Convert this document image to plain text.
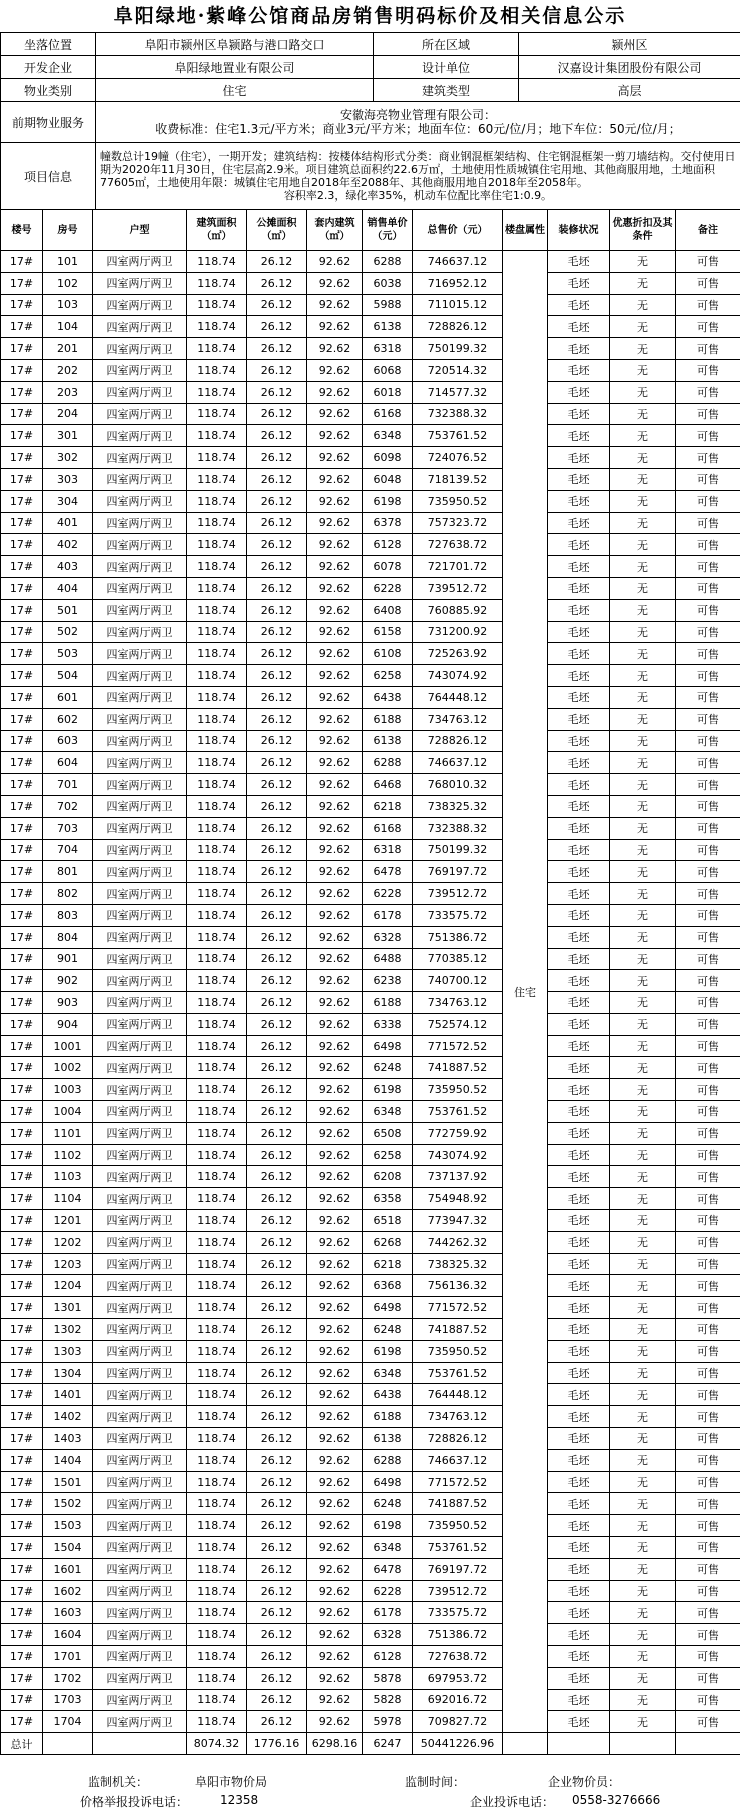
阜阳绿地·紫峰公馆商品房销售明码标价及相关信息公示
坐落位置	阜阳市颍州区阜颍路与港口路交口	所在区域	颍州区
开发企业	阜阳绿地置业有限公司	设计单位	汉嘉设计集团股份有限公司
物业类别	住宅	建筑类型	高层
前期物业服务	安徽海亮物业管理有限公司：
收费标准：住宅1.3元/平方米；商业3元/平方米；地面车位：60元/位/月；地下车位：50元/位/月；		

项目信息	幢数总计19幢（住宅），一期开发；建筑结构：按楼体结构形式分类：商业钢混框架结构、住宅钢混框架一剪刀墙结构。交付使用日期为2020年11月30日，住宅层高2.9米。项目建筑总面积约22.6万㎡，土地使用性质城镇住宅用地、其他商服用地，土地面积77605㎡，土地使用年限：城镇住宅用地自2018年至2088年、其他商服用地自2018年至2058年。
容积率2.3，绿化率35%，机动车位配比率住宅1:0.9。		
楼号	房号	户型	建筑面积（㎡）	公摊面积（㎡）	套内建筑（㎡）	销售单价（元）	总售价（元）	楼盘属性	装修状况	优惠折扣及其条件	备注
17#	101	四室两厅两卫	118.74	26.12	92.62	6288	746637.12	住宅	毛坯	无	可售
17#	102	四室两厅两卫	118.74	26.12	92.62	6038	716952.12		毛坯	无	可售
17#	103	四室两厅两卫	118.74	26.12	92.62	5988	711015.12		毛坯	无	可售
17#	104	四室两厅两卫	118.74	26.12	92.62	6138	728826.12		毛坯	无	可售
17#	201	四室两厅两卫	118.74	26.12	92.62	6318	750199.32		毛坯	无	可售
17#	202	四室两厅两卫	118.74	26.12	92.62	6068	720514.32		毛坯	无	可售
17#	203	四室两厅两卫	118.74	26.12	92.62	6018	714577.32		毛坯	无	可售
17#	204	四室两厅两卫	118.74	26.12	92.62	6168	732388.32		毛坯	无	可售
17#	301	四室两厅两卫	118.74	26.12	92.62	6348	753761.52		毛坯	无	可售
17#	302	四室两厅两卫	118.74	26.12	92.62	6098	724076.52		毛坯	无	可售
17#	303	四室两厅两卫	118.74	26.12	92.62	6048	718139.52		毛坯	无	可售
17#	304	四室两厅两卫	118.74	26.12	92.62	6198	735950.52		毛坯	无	可售
17#	401	四室两厅两卫	118.74	26.12	92.62	6378	757323.72		毛坯	无	可售
17#	402	四室两厅两卫	118.74	26.12	92.62	6128	727638.72		毛坯	无	可售
17#	403	四室两厅两卫	118.74	26.12	92.62	6078	721701.72		毛坯	无	可售
17#	404	四室两厅两卫	118.74	26.12	92.62	6228	739512.72		毛坯	无	可售
17#	501	四室两厅两卫	118.74	26.12	92.62	6408	760885.92		毛坯	无	可售
17#	502	四室两厅两卫	118.74	26.12	92.62	6158	731200.92		毛坯	无	可售
17#	503	四室两厅两卫	118.74	26.12	92.62	6108	725263.92		毛坯	无	可售
17#	504	四室两厅两卫	118.74	26.12	92.62	6258	743074.92		毛坯	无	可售
17#	601	四室两厅两卫	118.74	26.12	92.62	6438	764448.12		毛坯	无	可售
17#	602	四室两厅两卫	118.74	26.12	92.62	6188	734763.12		毛坯	无	可售
17#	603	四室两厅两卫	118.74	26.12	92.62	6138	728826.12		毛坯	无	可售
17#	604	四室两厅两卫	118.74	26.12	92.62	6288	746637.12		毛坯	无	可售
17#	701	四室两厅两卫	118.74	26.12	92.62	6468	768010.32		毛坯	无	可售
17#	702	四室两厅两卫	118.74	26.12	92.62	6218	738325.32		毛坯	无	可售
17#	703	四室两厅两卫	118.74	26.12	92.62	6168	732388.32		毛坯	无	可售
17#	704	四室两厅两卫	118.74	26.12	92.62	6318	750199.32		毛坯	无	可售
17#	801	四室两厅两卫	118.74	26.12	92.62	6478	769197.72		毛坯	无	可售
17#	802	四室两厅两卫	118.74	26.12	92.62	6228	739512.72		毛坯	无	可售
17#	803	四室两厅两卫	118.74	26.12	92.62	6178	733575.72		毛坯	无	可售
17#	804	四室两厅两卫	118.74	26.12	92.62	6328	751386.72		毛坯	无	可售
17#	901	四室两厅两卫	118.74	26.12	92.62	6488	770385.12		毛坯	无	可售
17#	902	四室两厅两卫	118.74	26.12	92.62	6238	740700.12		毛坯	无	可售
17#	903	四室两厅两卫	118.74	26.12	92.62	6188	734763.12		毛坯	无	可售
17#	904	四室两厅两卫	118.74	26.12	92.62	6338	752574.12		毛坯	无	可售
17#	1001	四室两厅两卫	118.74	26.12	92.62	6498	771572.52		毛坯	无	可售
17#	1002	四室两厅两卫	118.74	26.12	92.62	6248	741887.52		毛坯	无	可售
17#	1003	四室两厅两卫	118.74	26.12	92.62	6198	735950.52		毛坯	无	可售
17#	1004	四室两厅两卫	118.74	26.12	92.62	6348	753761.52		毛坯	无	可售
17#	1101	四室两厅两卫	118.74	26.12	92.62	6508	772759.92		毛坯	无	可售
17#	1102	四室两厅两卫	118.74	26.12	92.62	6258	743074.92		毛坯	无	可售
17#	1103	四室两厅两卫	118.74	26.12	92.62	6208	737137.92		毛坯	无	可售
17#	1104	四室两厅两卫	118.74	26.12	92.62	6358	754948.92		毛坯	无	可售
17#	1201	四室两厅两卫	118.74	26.12	92.62	6518	773947.32		毛坯	无	可售
17#	1202	四室两厅两卫	118.74	26.12	92.62	6268	744262.32		毛坯	无	可售
17#	1203	四室两厅两卫	118.74	26.12	92.62	6218	738325.32		毛坯	无	可售
17#	1204	四室两厅两卫	118.74	26.12	92.62	6368	756136.32		毛坯	无	可售
17#	1301	四室两厅两卫	118.74	26.12	92.62	6498	771572.52		毛坯	无	可售
17#	1302	四室两厅两卫	118.74	26.12	92.62	6248	741887.52		毛坯	无	可售
17#	1303	四室两厅两卫	118.74	26.12	92.62	6198	735950.52		毛坯	无	可售
17#	1304	四室两厅两卫	118.74	26.12	92.62	6348	753761.52		毛坯	无	可售
17#	1401	四室两厅两卫	118.74	26.12	92.62	6438	764448.12		毛坯	无	可售
17#	1402	四室两厅两卫	118.74	26.12	92.62	6188	734763.12		毛坯	无	可售
17#	1403	四室两厅两卫	118.74	26.12	92.62	6138	728826.12		毛坯	无	可售
17#	1404	四室两厅两卫	118.74	26.12	92.62	6288	746637.12		毛坯	无	可售
17#	1501	四室两厅两卫	118.74	26.12	92.62	6498	771572.52		毛坯	无	可售
17#	1502	四室两厅两卫	118.74	26.12	92.62	6248	741887.52		毛坯	无	可售
17#	1503	四室两厅两卫	118.74	26.12	92.62	6198	735950.52		毛坯	无	可售
17#	1504	四室两厅两卫	118.74	26.12	92.62	6348	753761.52		毛坯	无	可售
17#	1601	四室两厅两卫	118.74	26.12	92.62	6478	769197.72		毛坯	无	可售
17#	1602	四室两厅两卫	118.74	26.12	92.62	6228	739512.72		毛坯	无	可售
17#	1603	四室两厅两卫	118.74	26.12	92.62	6178	733575.72		毛坯	无	可售
17#	1604	四室两厅两卫	118.74	26.12	92.62	6328	751386.72		毛坯	无	可售
17#	1701	四室两厅两卫	118.74	26.12	92.62	6128	727638.72		毛坯	无	可售
17#	1702	四室两厅两卫	118.74	26.12	92.62	5878	697953.72		毛坯	无	可售
17#	1703	四室两厅两卫	118.74	26.12	92.62	5828	692016.72		毛坯	无	可售
17#	1704	四室两厅两卫	118.74	26.12	92.62	5978	709827.72		毛坯	无	可售
总计			8074.32	1776.16	6298.16	6247	50441226.96				
监制机关：	阜阳市物价局	监制时间：	企业物价员：
价格举报投诉电话：	12358	企业投诉电话： 0558-3276666
